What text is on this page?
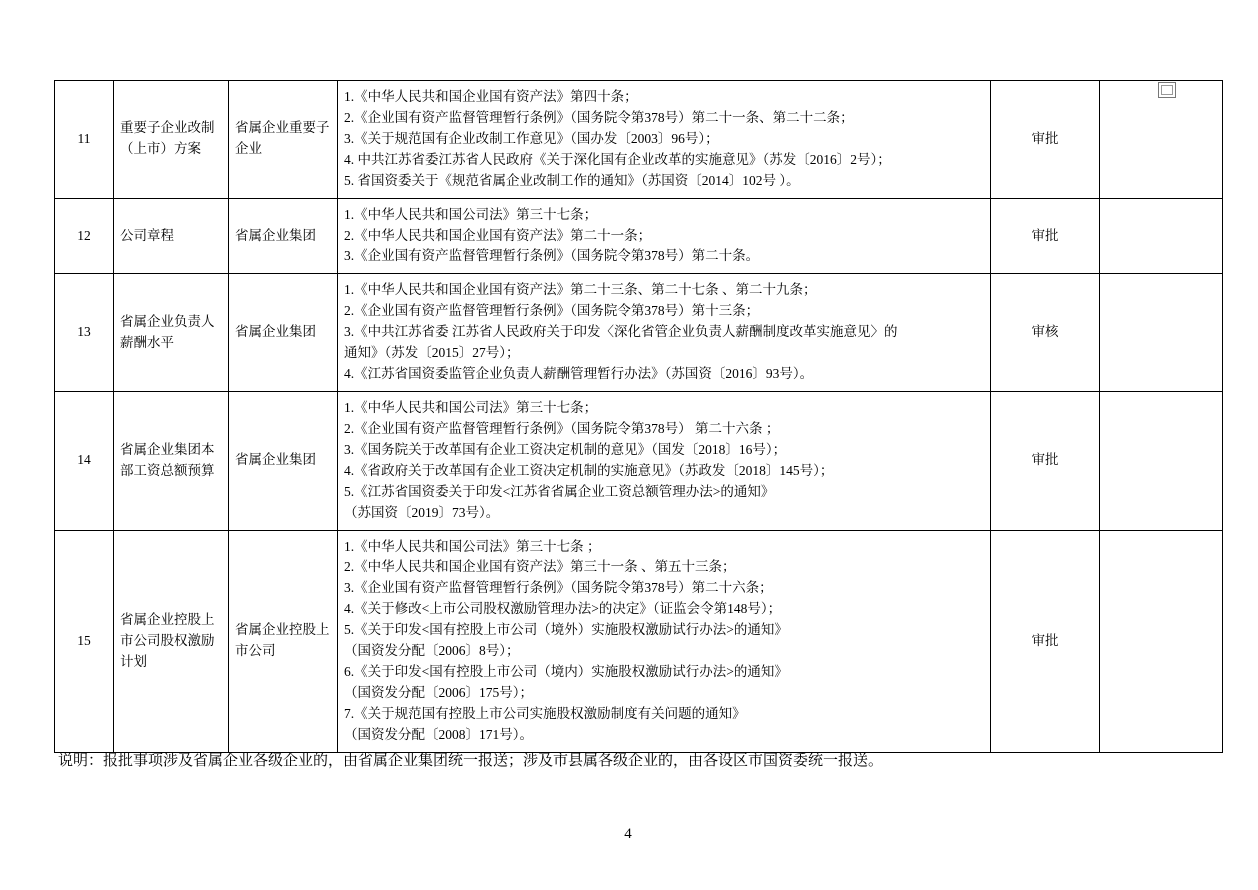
11	重要子企业改制（上市）方案	省属企业重要子企业	1.《中华人民共和国企业国有资产法》第四十条；
2.《企业国有资产监督管理暂行条例》（国务院令第378号）第二十一条、第二十二条；
3.《关于规范国有企业改制工作意见》（国办发〔2003〕96号）；
4. 中共江苏省委江苏省人民政府《关于深化国有企业改革的实施意见》（苏发〔2016〕2号）；
5. 省国资委关于《规范省属企业改制工作的通知》（苏国资〔2014〕102号 ）。	审批	
12	公司章程	省属企业集团	1.《中华人民共和国公司法》第三十七条；
2.《中华人民共和国企业国有资产法》第二十一条；
3.《企业国有资产监督管理暂行条例》（国务院令第378号）第二十条。	审批	
13	省属企业负责人薪酬水平	省属企业集团	1.《中华人民共和国企业国有资产法》第二十三条、第二十七条 、第二十九条；
2.《企业国有资产监督管理暂行条例》（国务院令第378号）第十三条；
3.《中共江苏省委 江苏省人民政府关于印发〈深化省管企业负责人薪酬制度改革实施意见〉的
通知》（苏发〔2015〕27号）；
4.《江苏省国资委监管企业负责人薪酬管理暂行办法》（苏国资〔2016〕93号）。	审核	
14	省属企业集团本部工资总额预算	省属企业集团	
1.《中华人民共和国公司法》第三十七条；
2.《企业国有资产监督管理暂行条例》（国务院令第378号） 第二十六条 ；
3.《国务院关于改革国有企业工资决定机制的意见》（国发〔2018〕16号）；
4.《省政府关于改革国有企业工资决定机制的实施意见》（苏政发〔2018〕145号）；
5.《江苏省国资委关于印发<江苏省省属企业工资总额管理办法>的通知》
（苏国资〔2019〕73号）。
	审批	
15	省属企业控股上市公司股权激励计划	省属企业控股上市公司	
1.《中华人民共和国公司法》第三十七条 ；
2.《中华人民共和国企业国有资产法》第三十一条 、第五十三条；
3.《企业国有资产监督管理暂行条例》（国务院令第378号）第二十六条；
4.《关于修改<上市公司股权激励管理办法>的决定》（证监会令第148号）；
5.《关于印发<国有控股上市公司（境外）实施股权激励试行办法>的通知》
（国资发分配〔2006〕8号）；
6.《关于印发<国有控股上市公司（境内）实施股权激励试行办法>的通知》
（国资发分配〔2006〕175号）；
7.《关于规范国有控股上市公司实施股权激励制度有关问题的通知》
（国资发分配〔2008〕171号）。
	审批	
说明：报批事项涉及省属企业各级企业的，由省属企业集团统一报送；涉及市县属各级企业的，由各设区市国资委统一报送。
4
